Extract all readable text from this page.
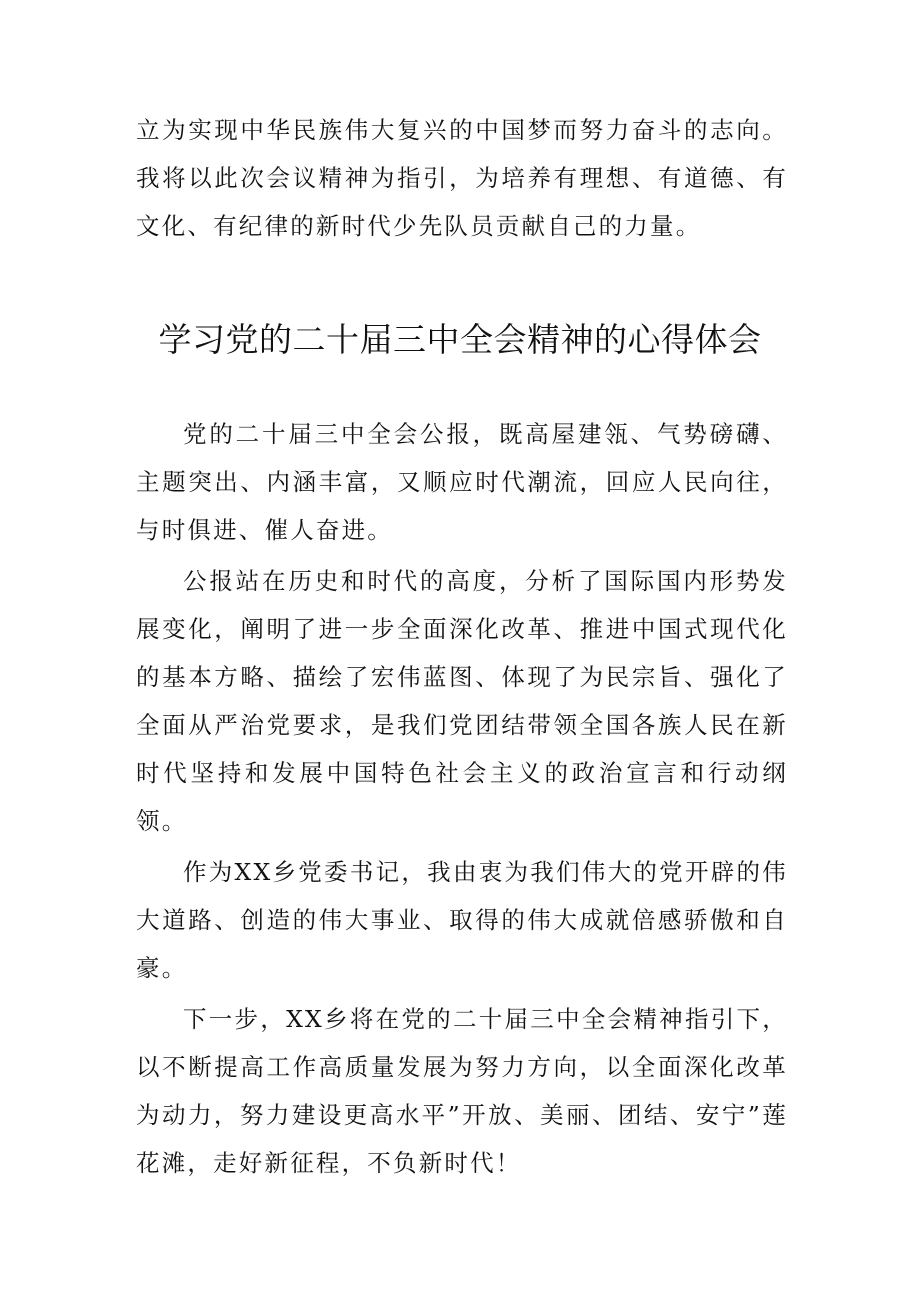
立为实现中华民族伟大复兴的中国梦而努力奋斗的志向。我将以此次会议精神为指引，为培养有理想、有道德、有文化、有纪律的新时代少先队员贡献自己的力量。

学习党的二十届三中全会精神的心得体会

党的二十届三中全会公报，既高屋建瓴、气势磅礴、主题突出、内涵丰富，又顺应时代潮流，回应人民向往，与时俱进、催人奋进。

公报站在历史和时代的高度，分析了国际国内形势发展变化，阐明了进一步全面深化改革、推进中国式现代化的基本方略、描绘了宏伟蓝图、体现了为民宗旨、强化了全面从严治党要求，是我们党团结带领全国各族人民在新时代坚持和发展中国特色社会主义的政治宣言和行动纲领。

作为XX乡党委书记，我由衷为我们伟大的党开辟的伟大道路、创造的伟大事业、取得的伟大成就倍感骄傲和自豪。

下一步，XX乡将在党的二十届三中全会精神指引下，以不断提高工作高质量发展为努力方向，以全面深化改革为动力，努力建设更高水平”开放、美丽、团结、安宁”莲花滩，走好新征程，不负新时代！
